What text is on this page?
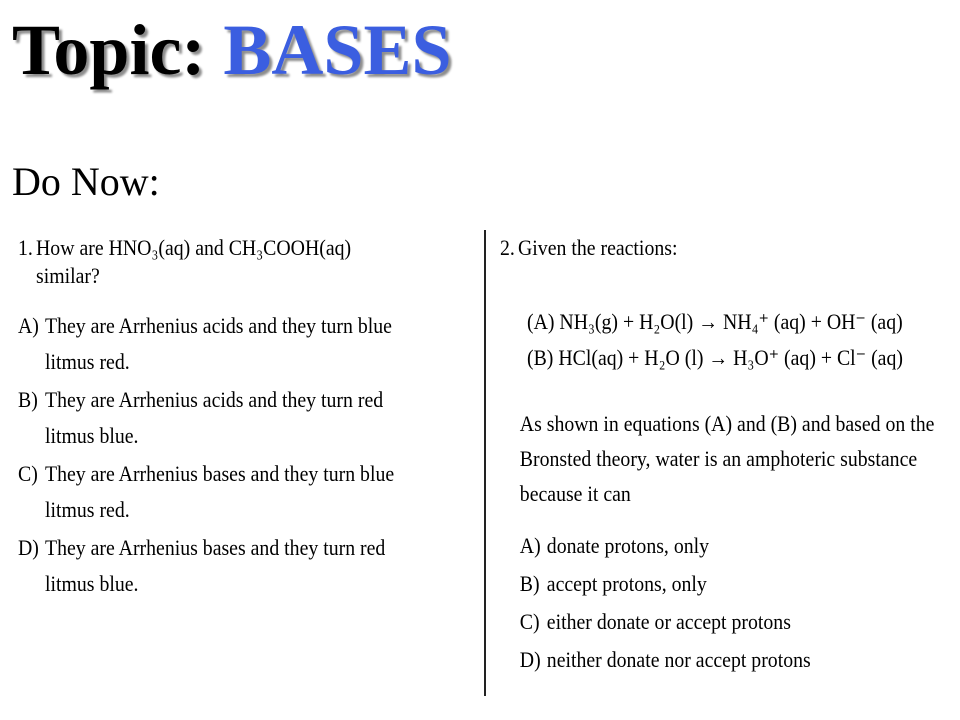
Topic: BASES
Do Now:
1. How are HNO₃(aq) and CH₃COOH(aq) similar?
A) They are Arrhenius acids and they turn blue litmus red.
B) They are Arrhenius acids and they turn red litmus blue.
C) They are Arrhenius bases and they turn blue litmus red.
D) They are Arrhenius bases and they turn red litmus blue.
2. Given the reactions:
(A) NH₃(g) + H₂O(l) → NH₄⁺ (aq) + OH⁻ (aq)
(B) HCl(aq) + H₂O (l) → H₃O⁺ (aq) + Cl⁻ (aq)
As shown in equations (A) and (B) and based on the Bronsted theory, water is an amphoteric substance because it can
A) donate protons, only
B) accept protons, only
C) either donate or accept protons
D) neither donate nor accept protons
